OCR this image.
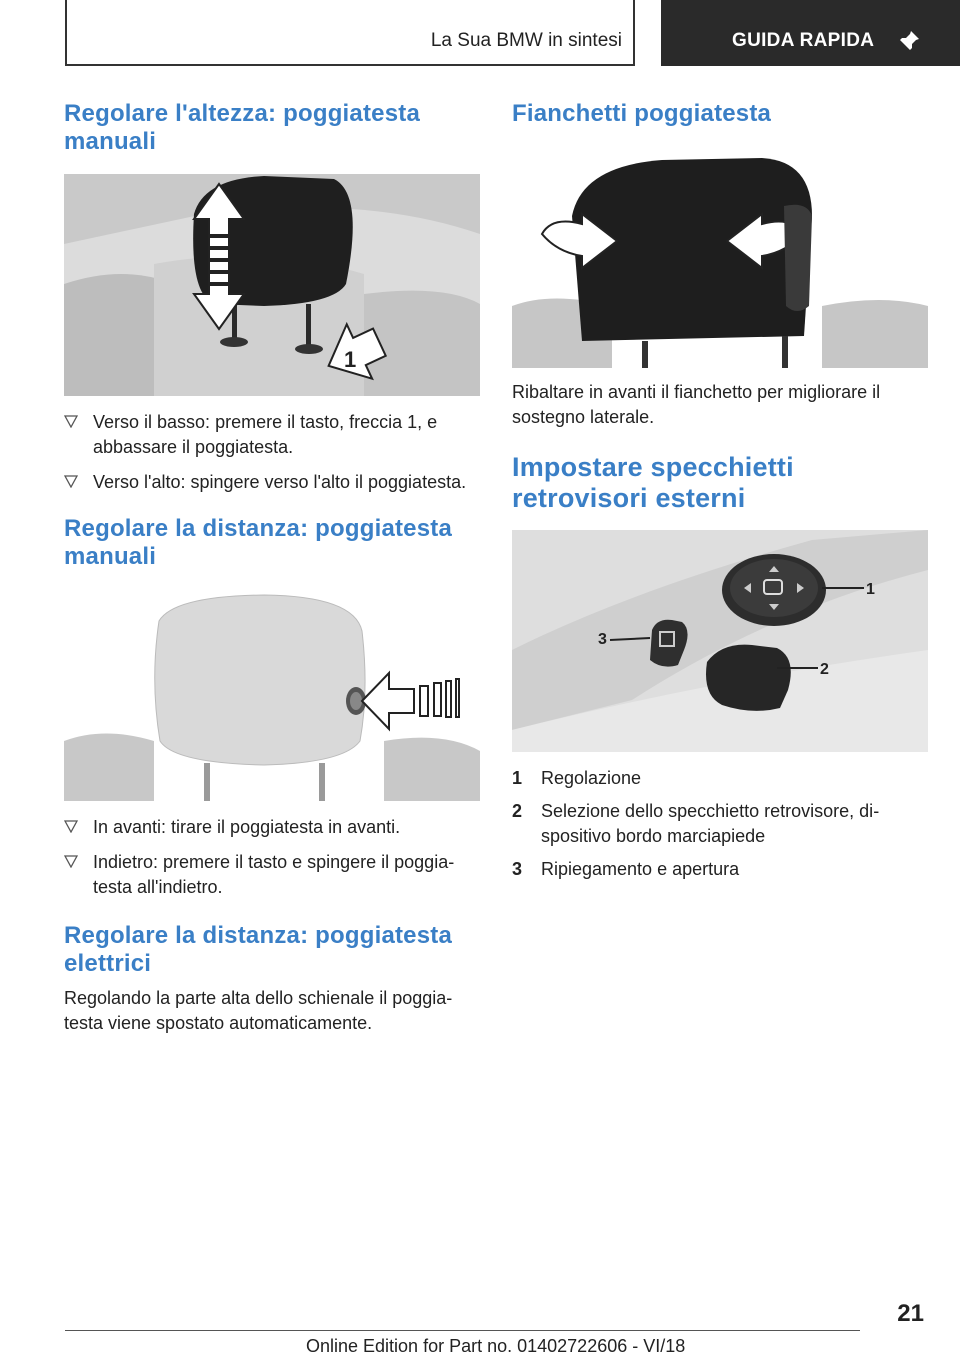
La Sua BMW in sintesi	GUIDA RAPIDA
Regolare l'altezza: poggiatesta manuali
1
Verso il basso: premere il tasto, freccia 1, e abbassare il poggiatesta.
Verso l'alto: spingere verso l'alto il poggiatesta.
Regolare la distanza: poggiatesta manuali
In avanti: tirare il poggiatesta in avanti.
Indietro: premere il tasto e spingere il poggiatesta all'indietro.
Regolare la distanza: poggiatesta elettrici

Regolando la parte alta dello schienale il poggiatesta viene spostato automaticamente.

Fianchetti poggiatesta

Ribaltare in avanti il fianchetto per migliorare il sostegno laterale.

Impostare specchietti retrovisori esterni
1
2
3
1 Regolazione
2 Selezione dello specchietto retrovisore, dispositivo bordo marciapiede
3 Ripiegamento e apertura
21
Online Edition for Part no. 01402722606 - VI/18
